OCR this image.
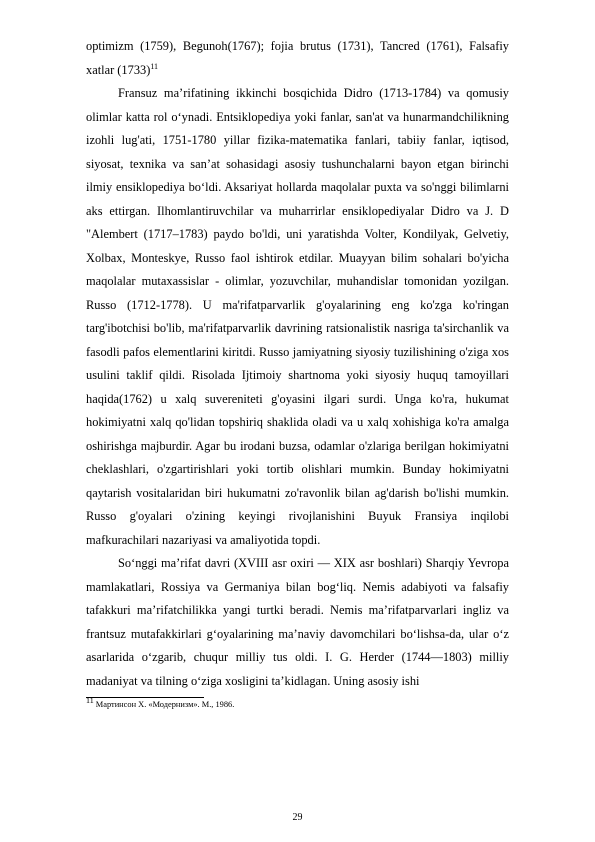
optimizm (1759), Begunoh(1767); fojia brutus (1731), Tancred (1761), Falsafiy xatlar $(1733)^{11}$

Fransuz ma’rifatining ikkinchi bosqichida Didro (1713-1784) va qomusiy olimlar katta rol o‘ynadi. Entsiklopediya yoki fanlar, san'at va hunarmandchilikning izohli lug'ati, 1751-1780 yillar fizika-matematika fanlari, tabiiy fanlar, iqtisod, siyosat, texnika va san’at sohasidagi asosiy tushunchalarni bayon etgan birinchi ilmiy ensiklopediya bo‘ldi. Aksariyat hollarda maqolalar puxta va so'nggi bilimlarni aks ettirgan. Ilhomlantiruvchilar va muharrirlar ensiklopediyalar Didro va J. D "Alembert (1717–1783) paydo bo'ldi, uni yaratishda Volter, Kondilyak, Gelvetiy, Xolbax, Monteskye, Russo faol ishtirok etdilar. Muayyan bilim sohalari bo'yicha maqolalar mutaxassislar - olimlar, yozuvchilar, muhandislar tomonidan yozilgan. Russo (1712-1778). U ma'rifatparvarlik g'oyalarining eng ko'zga ko'ringan targ'ibotchisi bo'lib, ma'rifatparvarlik davrining ratsionalistik nasriga ta'sirchanlik va fasodli pafos elementlarini kiritdi. Russo jamiyatning siyosiy tuzilishining o'ziga xos usulini taklif qildi. Risolada Ijtimoiy shartnoma yoki siyosiy huquq tamoyillari haqida(1762) u xalq suvereniteti g'oyasini ilgari surdi. Unga ko'ra, hukumat hokimiyatni xalq qo'lidan topshiriq shaklida oladi va u xalq xohishiga ko'ra amalga oshirishga majburdir. Agar bu irodani buzsa, odamlar o'zlariga berilgan hokimiyatni cheklashlari, o'zgartirishlari yoki tortib olishlari mumkin. Bunday hokimiyatni qaytarish vositalaridan biri hukumatni zo'ravonlik bilan ag'darish bo'lishi mumkin. Russo g'oyalari o'zining keyingi rivojlanishini Buyuk Fransiya inqilobi mafkurachilari nazariyasi va amaliyotida topdi.

So‘nggi ma’rifat davri (XVIII asr oxiri — XIX asr boshlari) Sharqiy Yevropa mamlakatlari, Rossiya va Germaniya bilan bog‘liq. Nemis adabiyoti va falsafiy tafakkuri ma’rifatchilikka yangi turtki beradi. Nemis ma’rifatparvarlari ingliz va frantsuz mutafakkirlari g‘oyalarining ma’naviy davomchilari bo‘lishsa-da, ular o‘z asarlarida o‘zgarib, chuqur milliy tus oldi. I. G. Herder (1744—1803) milliy madaniyat va tilning o‘ziga xosligini ta’kidlagan. Uning asosiy ishi

$^{11}$ Мартинсон Х. «Модернизм». М., 1986.

29
